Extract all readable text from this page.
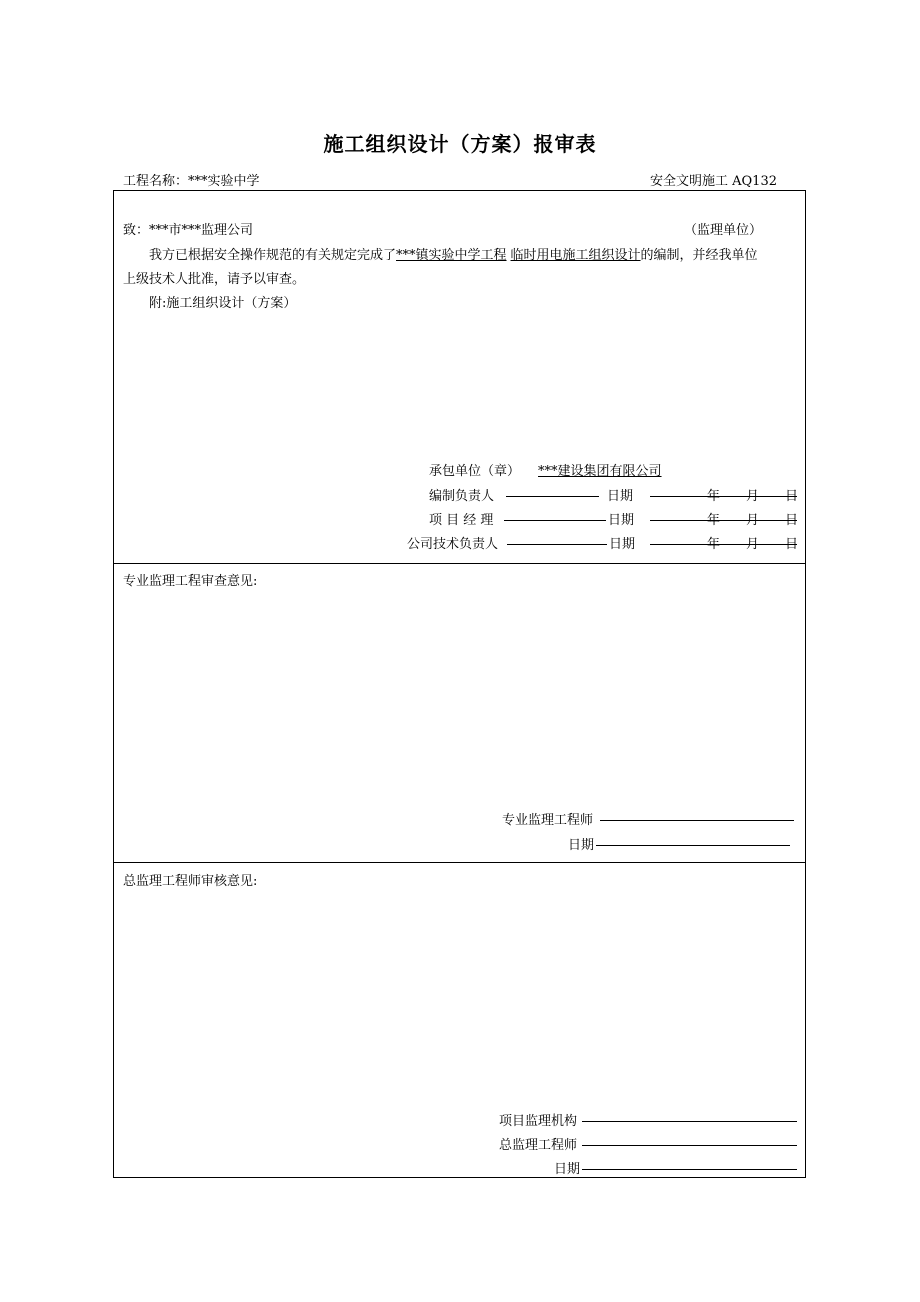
施工组织设计（方案）报审表
工程名称：***实验中学	安全文明施工 AQ132
致：***市***监理公司	（监理单位）
我方已根据安全操作规范的有关规定完成了***镇实验中学工程 临时用电施工组织设计的编制，并经我单位
上级技术人批准，请予以审查。
附:施工组织设计（方案）
承包单位（章） ***建设集团有限公司
编制负责人	日期	年 月 日
项 目 经 理	日期	年 月 日
公司技术负责人	日期	年 月 日
专业监理工程审查意见:
专业监理工程师
日期
总监理工程师审核意见:
项目监理机构
总监理工程师
日期
